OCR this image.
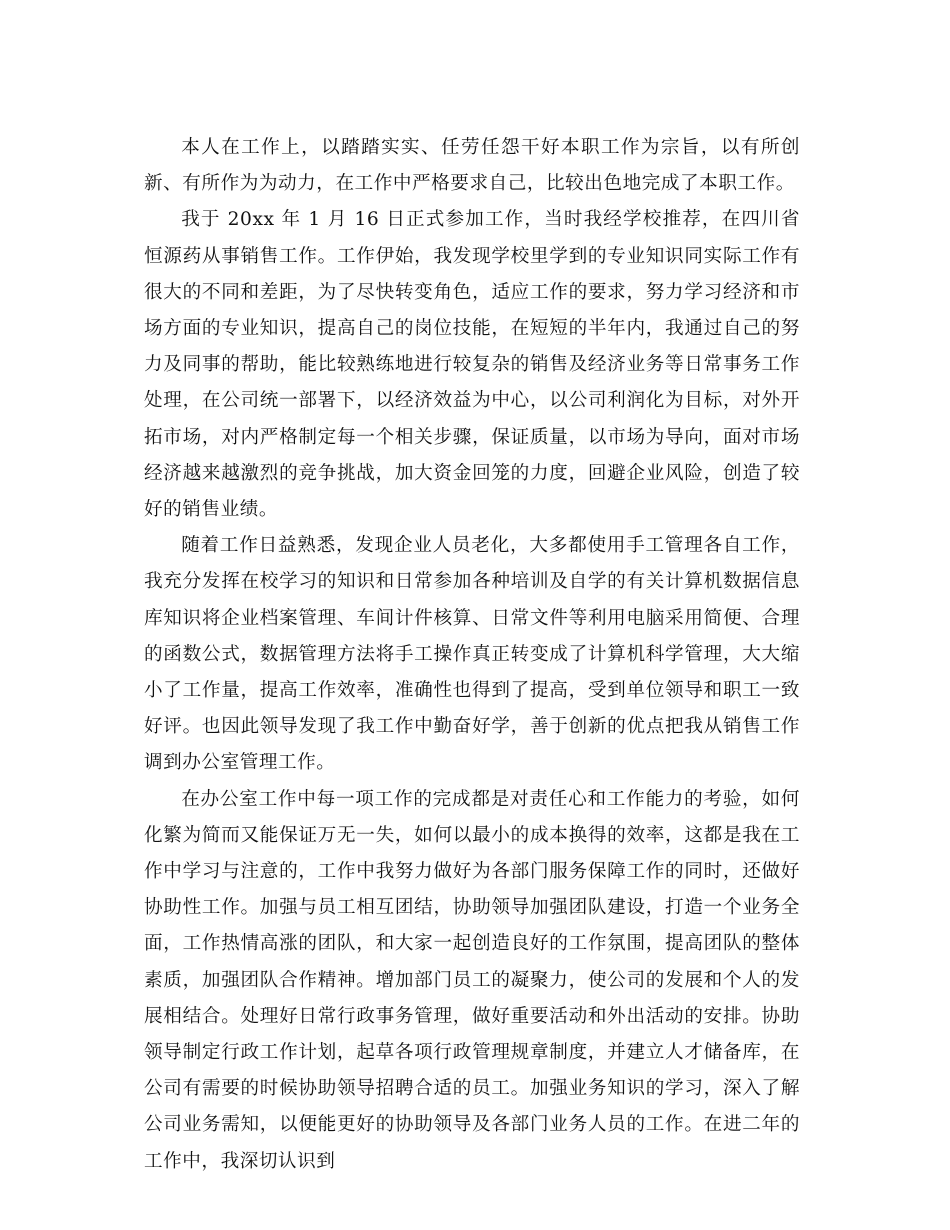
本人在工作上，以踏踏实实、任劳任怨干好本职工作为宗旨，以有所创新、有所作为为动力，在工作中严格要求自己，比较出色地完成了本职工作。

我于 20xx 年 1 月 16 日正式参加工作，当时我经学校推荐，在四川省恒源药从事销售工作。工作伊始，我发现学校里学到的专业知识同实际工作有很大的不同和差距，为了尽快转变角色，适应工作的要求，努力学习经济和市场方面的专业知识，提高自己的岗位技能，在短短的半年内，我通过自己的努力及同事的帮助，能比较熟练地进行较复杂的销售及经济业务等日常事务工作处理，在公司统一部署下，以经济效益为中心，以公司利润化为目标，对外开拓市场，对内严格制定每一个相关步骤，保证质量，以市场为导向，面对市场经济越来越激烈的竞争挑战，加大资金回笼的力度，回避企业风险，创造了较好的销售业绩。

随着工作日益熟悉，发现企业人员老化，大多都使用手工管理各自工作，我充分发挥在校学习的知识和日常参加各种培训及自学的有关计算机数据信息库知识将企业档案管理、车间计件核算、日常文件等利用电脑采用简便、合理的函数公式，数据管理方法将手工操作真正转变成了计算机科学管理，大大缩小了工作量，提高工作效率，准确性也得到了提高，受到单位领导和职工一致好评。也因此领导发现了我工作中勤奋好学，善于创新的优点把我从销售工作调到办公室管理工作。

在办公室工作中每一项工作的完成都是对责任心和工作能力的考验，如何化繁为简而又能保证万无一失，如何以最小的成本换得的效率，这都是我在工作中学习与注意的，工作中我努力做好为各部门服务保障工作的同时，还做好协助性工作。加强与员工相互团结，协助领导加强团队建设，打造一个业务全面，工作热情高涨的团队，和大家一起创造良好的工作氛围，提高团队的整体素质，加强团队合作精神。增加部门员工的凝聚力，使公司的发展和个人的发展相结合。处理好日常行政事务管理，做好重要活动和外出活动的安排。协助领导制定行政工作计划，起草各项行政管理规章制度，并建立人才储备库，在公司有需要的时候协助领导招聘合适的员工。加强业务知识的学习，深入了解公司业务需知，以便能更好的协助领导及各部门业务人员的工作。在进二年的工作中，我深切认识到
